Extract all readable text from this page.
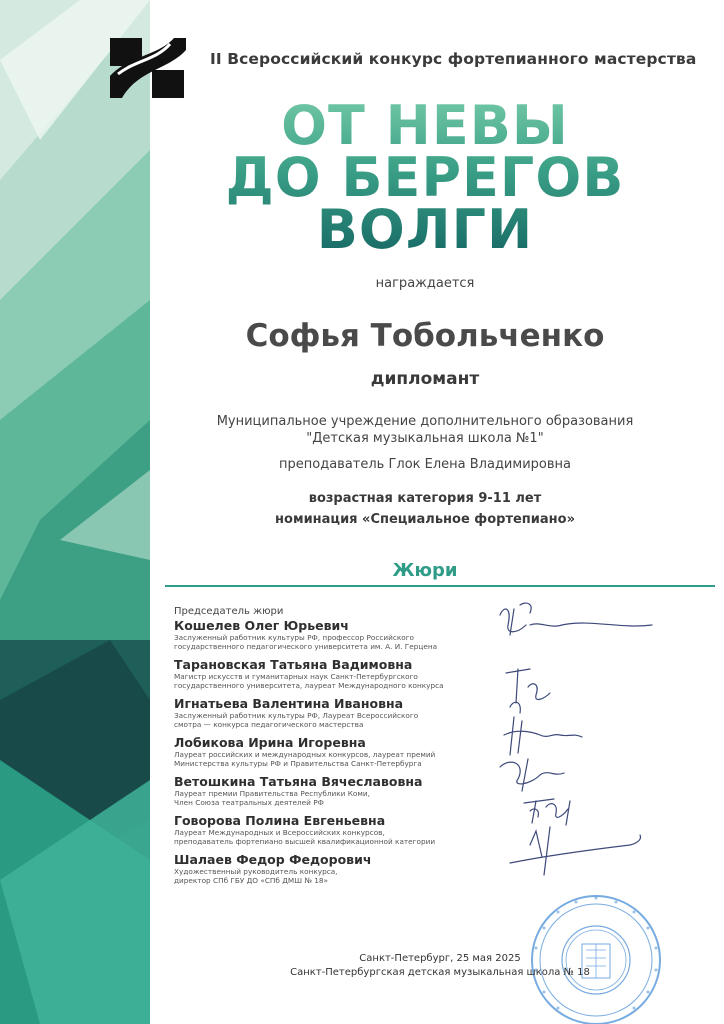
II Всероссийский конкурс фортепианного мастерства
ОТ НЕВЫ
ДО БЕРЕГОВ
ВОЛГИ
награждается
Софья Тобольченко
дипломант
Муниципальное учреждение дополнительного образования
"Детская музыкальная школа №1"
преподаватель Глок Елена Владимировна
возрастная категория 9-11 лет
номинация «Специальное фортепиано»
Жюри
Председатель жюри
Кошелев Олег Юрьевич
Заслуженный работник культуры РФ, профессор Российского
государственного педагогического университета им. А. И. Герцена
Тарановская Татьяна Вадимовна
Магистр искусств и гуманитарных наук Санкт-Петербургского
государственного университета, лауреат Международного конкурса
Игнатьева Валентина Ивановна
Заслуженный работник культуры РФ, Лауреат Всероссийского
смотра — конкурса педагогического мастерства
Лобикова Ирина Игоревна
Лауреат российских и международных конкурсов, лауреат премий
Министерства культуры РФ и Правительства Санкт-Петербурга
Ветошкина Татьяна Вячеславовна
Лауреат премии Правительства Республики Коми,
Член Союза театральных деятелей РФ
Говорова Полина Евгеньевна
Лауреат Международных и Всероссийских конкурсов,
преподаватель фортепиано высшей квалификационной категории
Шалаев Федор Федорович
Художественный руководитель конкурса,
директор СПб ГБУ ДО «СПб ДМШ № 18»
Санкт-Петербург, 25 мая 2025
Санкт-Петербургская детская музыкальная школа № 18
